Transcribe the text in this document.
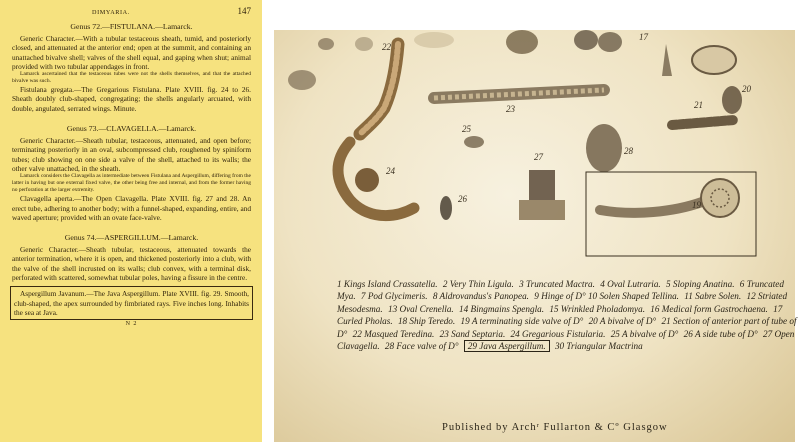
DIMYARIA.	147
Genus 72.—FISTULANA.—Lamarck.

Generic Character.—With a tubular testaceous sheath, tumid, and posteriorly closed, and attenuated at the anterior end; open at the summit, and containing an unattached bivalve shell; valves of the shell equal, and gaping when shut; animal provided with two tubular appendages in front.

Lamarck ascertained that the testaceous tubes were not the shells themselves, and that the attached bivalve was such.

Fistulana gregata.—The Gregarious Fistulana. Plate XVIII. fig. 24 to 26. Sheath doubly club-shaped, congregating; the shells angularly arcuated, with double, angulated, serrated wings. Minute.

Genus 73.—CLAVAGELLA.—Lamarck.

Generic Character.—Sheath tubular, testaceous, attenuated, and open before; terminating posteriorly in an oval, subcompressed club, roughened by spiniform tubes; club showing on one side a valve of the shell, attached to its walls; the other valve unattached, in the sheath.

Lamarck considers the Clavagella as intermediate between Fistulana and Aspergillum, differing from the latter in having but one external fixed valve, the other being free and internal, and from the former having no perforation at the larger extremity.

Clavagella aperta.—The Open Clavagella. Plate XVIII. fig. 27 and 28. An erect tube, adhering to another body; with a funnel-shaped, expanding, entire, and waved aperture; provided with an ovate face-valve.

Genus 74.—ASPERGILLUM.—Lamarck.

Generic Character.—Sheath tubular, testaceous, attenuated towards the anterior termination, where it is open, and thickened posteriorly into a club, with the valve of the shell incrusted on its walls; club convex, with a terminal disk, perforated with scattered, somewhat tubular poles, having a fissure in the centre.

Aspergillum Javanum.—The Java Aspergillum. Plate XVIII. fig. 29. Smooth, club-shaped, the apex surrounded by fimbriated rays. Five inches long. Inhabits the sea at Java.

N 2
22
23
17
21
20
25
27
28
24
26
19
1 Kings Island Crassatella. 2 Very Thin Ligula. 3 Truncated Mactra. 4 Oval Lutraria. 5 Sloping Anatina. 6 Truncated Mya. 7 Pod Glycimeris. 8 Aldrovandus's Panopea. 9 Hinge of D° 10 Solen Shaped Tellina. 11 Sabre Solen. 12 Striated Mesodesma. 13 Oval Crenella. 14 Bingmains Spengla. 15 Wrinkled Pholadomya. 16 Medical form Gastrochaena. 17 Curled Pholas. 18 Ship Teredo. 19 A terminating side valve of D° 20 A bivalve of D° 21 Section of anterior part of tube of D° 22 Masqued Teredina. 23 Sand Septaria. 24 Gregarious Fistularia. 25 A bivalve of D° 26 A side tube of D° 27 Open Clavagella. 28 Face valve of D° 29 Java Aspergillum. 30 Triangular Mactrina
Published by Archʳ Fullarton & Cº Glasgow
